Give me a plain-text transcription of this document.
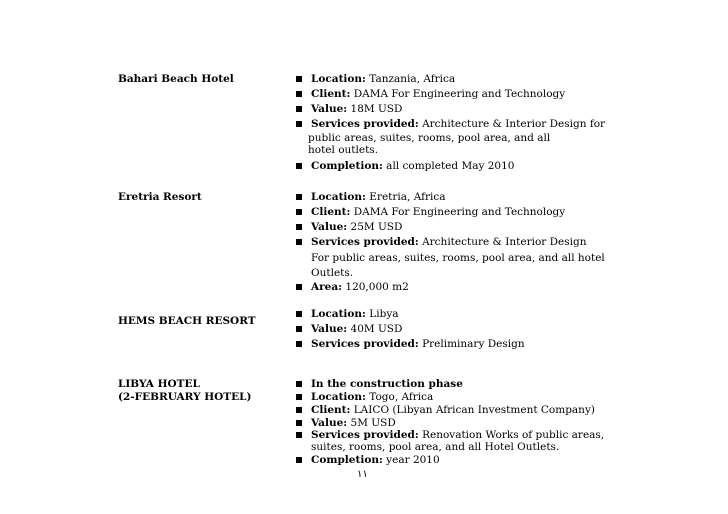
Bahari Beach Hotel	Location: Tanzania, Africa
Client: DAMA For Engineering and Technology
Value: 18M USD
Services provided: Architecture & Interior Design for
public areas, suites, rooms, pool area, and all
hotel outlets.
Completion: all completed May 2010
Eretria Resort	Location: Eretria, Africa
Client: DAMA For Engineering and Technology
Value: 25M USD
Services provided: Architecture & Interior Design
For public areas, suites, rooms, pool area, and all hotel
Outlets.
Area: 120,000 m2
HEMS BEACH RESORT
Location: Libya
Value: 40M USD
Services provided: Preliminary Design
LIBYA HOTEL
(2-FEBRUARY HOTEL)
In the construction phase
Location: Togo, Africa
Client: LAICO (Libyan African Investment Company)
Value: 5M USD
Services provided: Renovation Works of public areas,
suites, rooms, pool area, and all Hotel Outlets.
Completion: year 2010
١١
